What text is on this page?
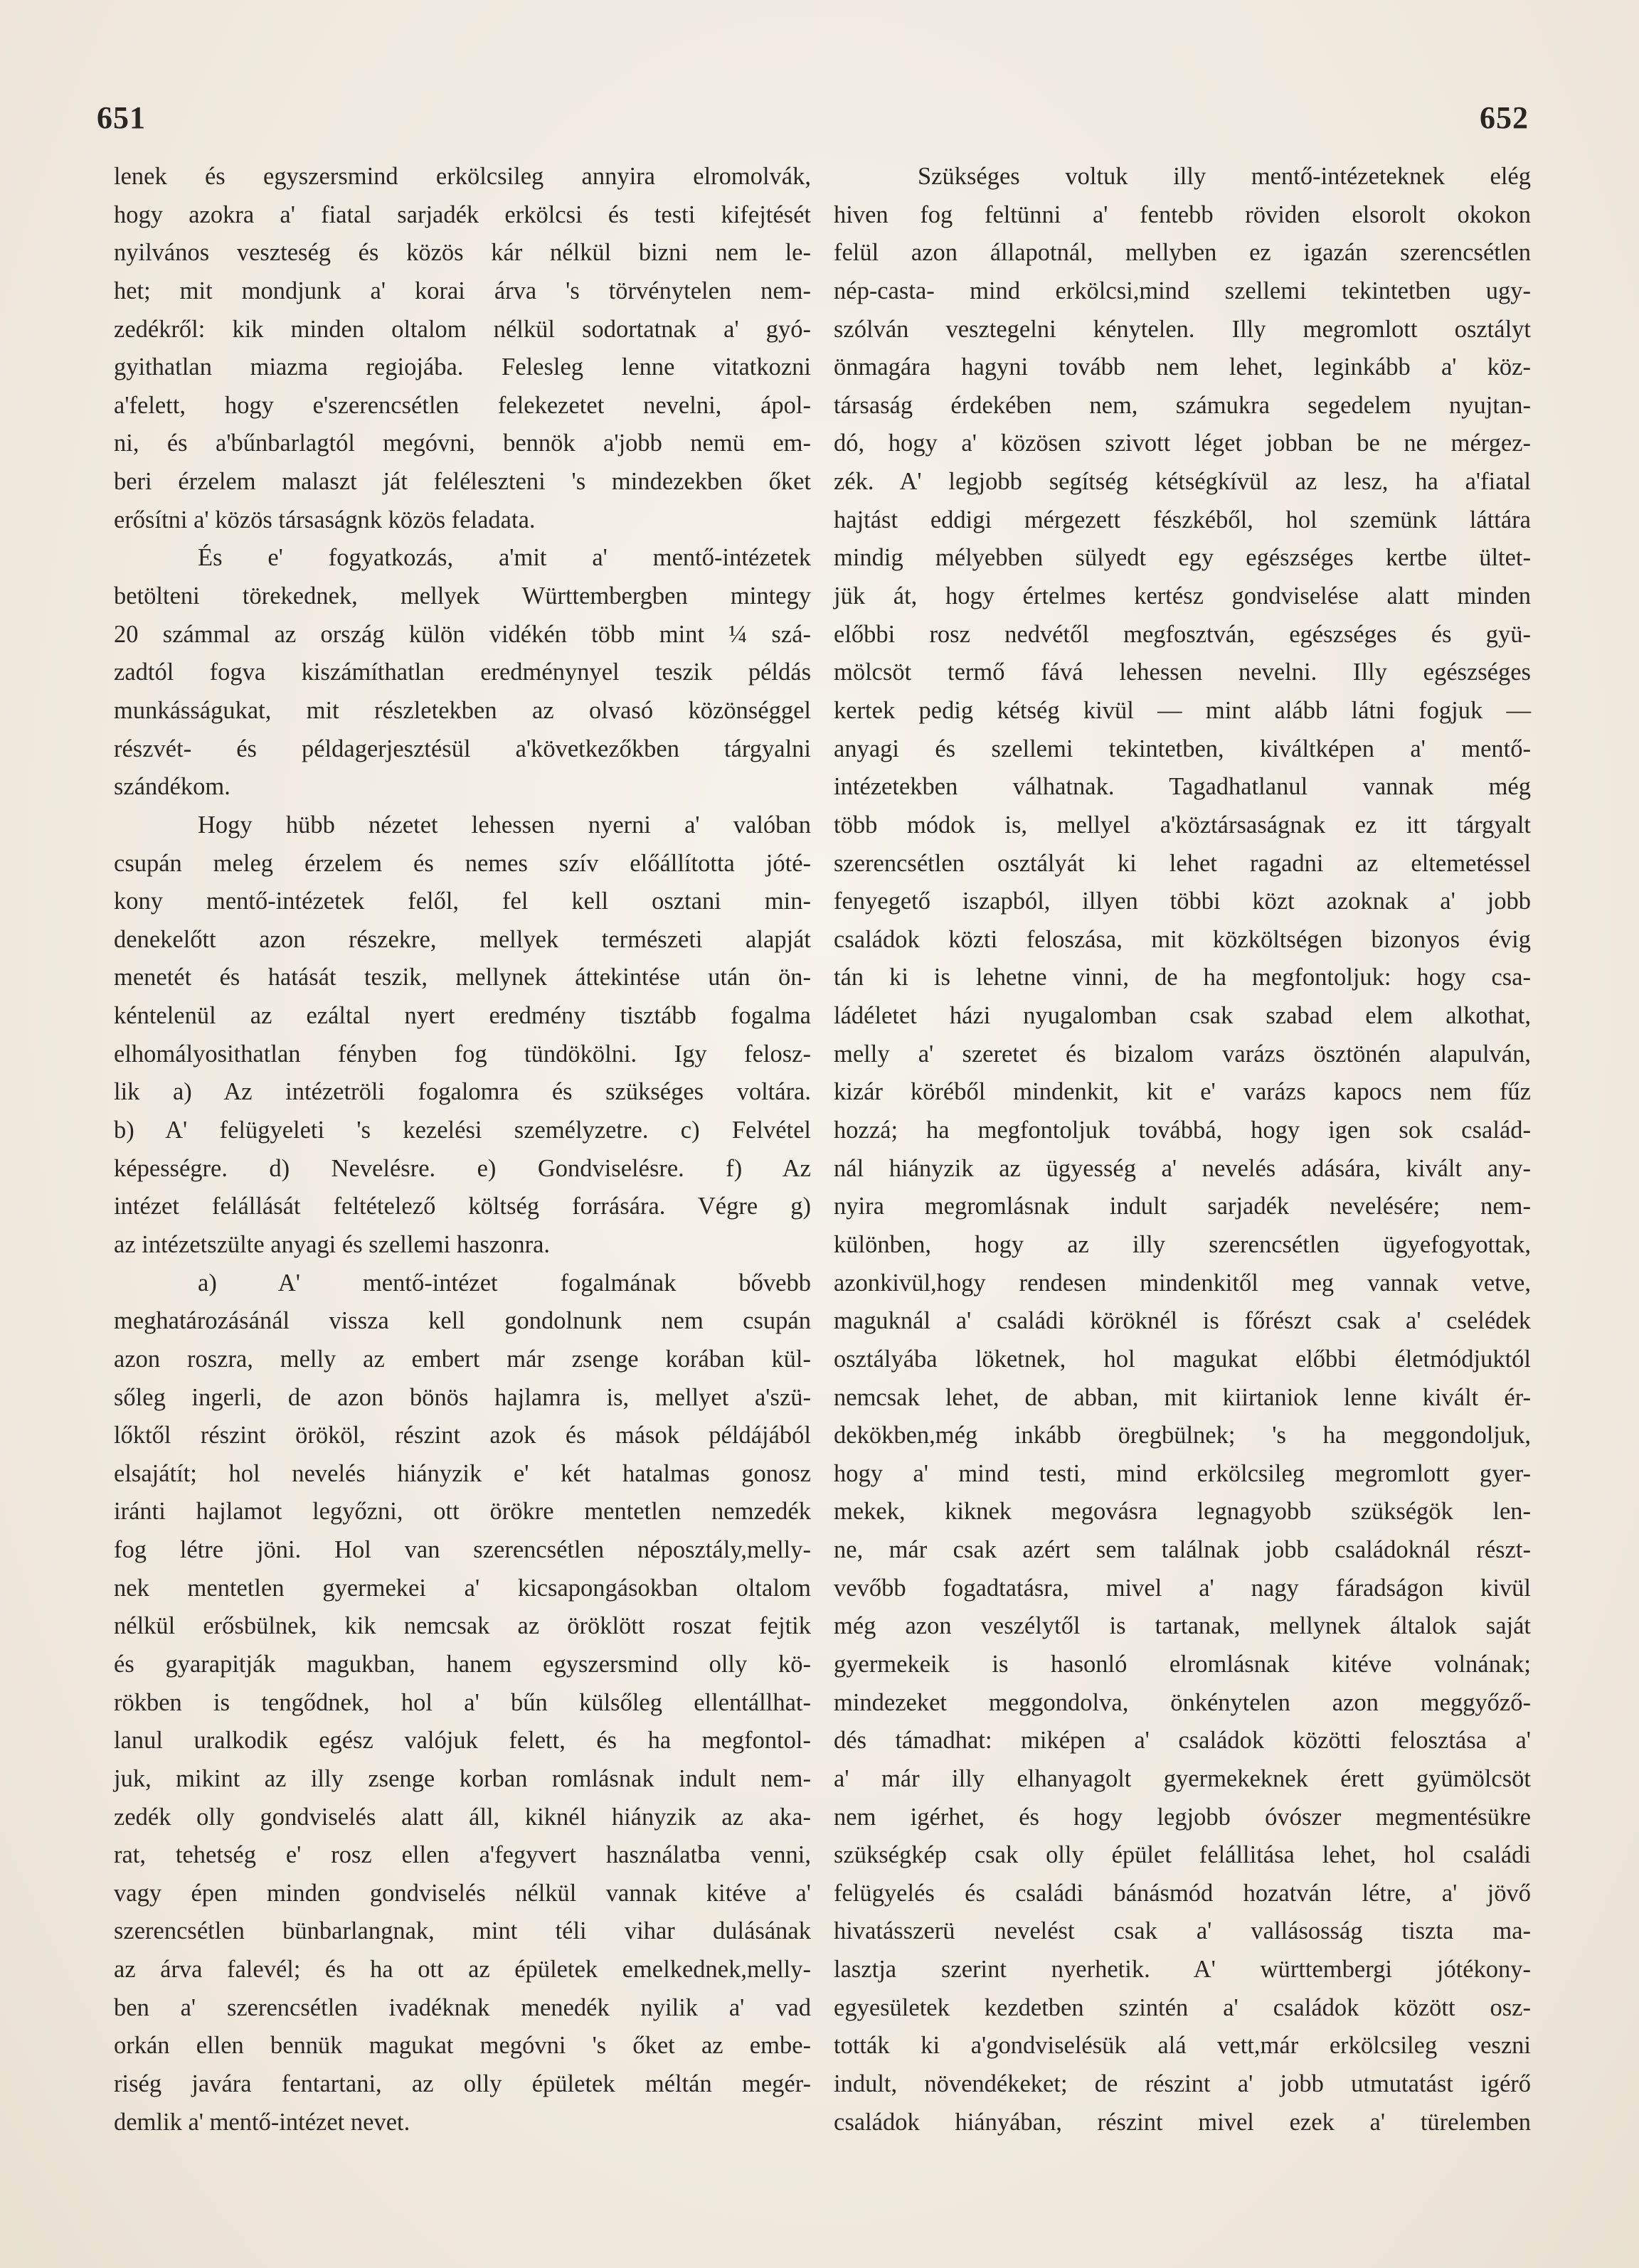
651	652
lenek és egyszersmind erkölcsileg annyira elromolvák,
hogy azokra a' fiatal sarjadék erkölcsi és testi kifejtését
nyilvános veszteség és közös kár nélkül bizni nem le-
het; mit mondjunk a' korai árva 's törvénytelen nem-
zedékről: kik minden oltalom nélkül sodortatnak a' gyó-
gyithatlan miazma regiojába. Felesleg lenne vitatkozni
a'felett, hogy e'szerencsétlen felekezetet nevelni, ápol-
ni, és a'bűnbarlagtól megóvni, bennök a'jobb nemü em-
beri érzelem malaszt ját feléleszteni 's mindezekben őket
erősítni a' közös társaságnk közös feladata.
És e' fogyatkozás, a'mit a' mentő-intézetek
betölteni törekednek, mellyek Württembergben mintegy
20 számmal az ország külön vidékén több mint ¼ szá-
zadtól fogva kiszámíthatlan eredménynyel teszik példás
munkásságukat, mit részletekben az olvasó közönséggel
részvét- és példagerjesztésül a'következőkben tárgyalni
szándékom.
Hogy hübb nézetet lehessen nyerni a' valóban
csupán meleg érzelem és nemes szív előállította jóté-
kony mentő-intézetek felől, fel kell osztani min-
denekelőtt azon részekre, mellyek természeti alapját
menetét és hatását teszik, mellynek áttekintése után ön-
kéntelenül az ezáltal nyert eredmény tisztább fogalma
elhomályosithatlan fényben fog tündökölni. Igy felosz-
lik a) Az intézetröli fogalomra és szükséges voltára.
b) A' felügyeleti 's kezelési személyzetre. c) Felvétel
képességre. d) Nevelésre. e) Gondviselésre. f) Az
intézet felállását feltételező költség forrására. Végre g)
az intézetszülte anyagi és szellemi haszonra.
a) A' mentő-intézet fogalmának bővebb
meghatározásánál vissza kell gondolnunk nem csupán
azon roszra, melly az embert már zsenge korában kül-
sőleg ingerli, de azon bönös hajlamra is, mellyet a'szü-
lőktől részint örököl, részint azok és mások példájából
elsajátít; hol nevelés hiányzik e' két hatalmas gonosz
iránti hajlamot legyőzni, ott örökre mentetlen nemzedék
fog létre jöni. Hol van szerencsétlen néposztály,melly-
nek mentetlen gyermekei a' kicsapongásokban oltalom
nélkül erősbülnek, kik nemcsak az öröklött roszat fejtik
és gyarapitják magukban, hanem egyszersmind olly kö-
rökben is tengődnek, hol a' bűn külsőleg ellentállhat-
lanul uralkodik egész valójuk felett, és ha megfontol-
juk, mikint az illy zsenge korban romlásnak indult nem-
zedék olly gondviselés alatt áll, kiknél hiányzik az aka-
rat, tehetség e' rosz ellen a'fegyvert használatba venni,
vagy épen minden gondviselés nélkül vannak kitéve a'
szerencsétlen bünbarlangnak, mint téli vihar dulásának
az árva falevél; és ha ott az épületek emelkednek,melly-
ben a' szerencsétlen ivadéknak menedék nyilik a' vad
orkán ellen bennük magukat megóvni 's őket az embe-
riség javára fentartani, az olly épületek méltán megér-
demlik a' mentő-intézet nevet.
Szükséges voltuk illy mentő-intézeteknek elég
hiven fog feltünni a' fentebb röviden elsorolt okokon
felül azon állapotnál, mellyben ez igazán szerencsétlen
nép-casta- mind erkölcsi,mind szellemi tekintetben ugy-
szólván vesztegelni kénytelen. Illy megromlott osztályt
önmagára hagyni tovább nem lehet, leginkább a' köz-
társaság érdekében nem, számukra segedelem nyujtan-
dó, hogy a' közösen szivott léget jobban be ne mérgez-
zék. A' legjobb segítség kétségkívül az lesz, ha a'fiatal
hajtást eddigi mérgezett fészkéből, hol szemünk láttára
mindig mélyebben sülyedt egy egészséges kertbe ültet-
jük át, hogy értelmes kertész gondviselése alatt minden
előbbi rosz nedvétől megfosztván, egészséges és gyü-
mölcsöt termő fává lehessen nevelni. Illy egészséges
kertek pedig kétség kivül — mint alább látni fogjuk —
anyagi és szellemi tekintetben, kiváltképen a' mentő-
intézetekben válhatnak. Tagadhatlanul vannak még
több módok is, mellyel a'köztársaságnak ez itt tárgyalt
szerencsétlen osztályát ki lehet ragadni az eltemetéssel
fenyegető iszapból, illyen többi közt azoknak a' jobb
családok közti feloszása, mit közköltségen bizonyos évig
tán ki is lehetne vinni, de ha megfontoljuk: hogy csa-
ládéletet házi nyugalomban csak szabad elem alkothat,
melly a' szeretet és bizalom varázs ösztönén alapulván,
kizár köréből mindenkit, kit e' varázs kapocs nem fűz
hozzá; ha megfontoljuk továbbá, hogy igen sok család-
nál hiányzik az ügyesség a' nevelés adására, kivált any-
nyira megromlásnak indult sarjadék nevelésére; nem-
különben, hogy az illy szerencsétlen ügyefogyottak,
azonkivül,hogy rendesen mindenkitől meg vannak vetve,
maguknál a' családi köröknél is főrészt csak a' cselédek
osztályába löketnek, hol magukat előbbi életmódjuktól
nemcsak lehet, de abban, mit kiirtaniok lenne kivált ér-
dekökben,még inkább öregbülnek; 's ha meggondoljuk,
hogy a' mind testi, mind erkölcsileg megromlott gyer-
mekek, kiknek megovásra legnagyobb szükségök len-
ne, már csak azért sem találnak jobb családoknál részt-
vevőbb fogadtatásra, mivel a' nagy fáradságon kivül
még azon veszélytől is tartanak, mellynek általok saját
gyermekeik is hasonló elromlásnak kitéve volnának;
mindezeket meggondolva, önkénytelen azon meggyőző-
dés támadhat: miképen a' családok közötti felosztása a'
a' már illy elhanyagolt gyermekeknek érett gyümölcsöt
nem igérhet, és hogy legjobb óvószer megmentésükre
szükségkép csak olly épület felállitása lehet, hol családi
felügyelés és családi bánásmód hozatván létre, a' jövő
hivatásszerü nevelést csak a' vallásosság tiszta ma-
lasztja szerint nyerhetik. A' württembergi jótékony-
egyesületek kezdetben szintén a' családok között osz-
tották ki a'gondviselésük alá vett,már erkölcsileg veszni
indult, növendékeket; de részint a' jobb utmutatást igérő
családok hiányában, részint mivel ezek a' türelemben
